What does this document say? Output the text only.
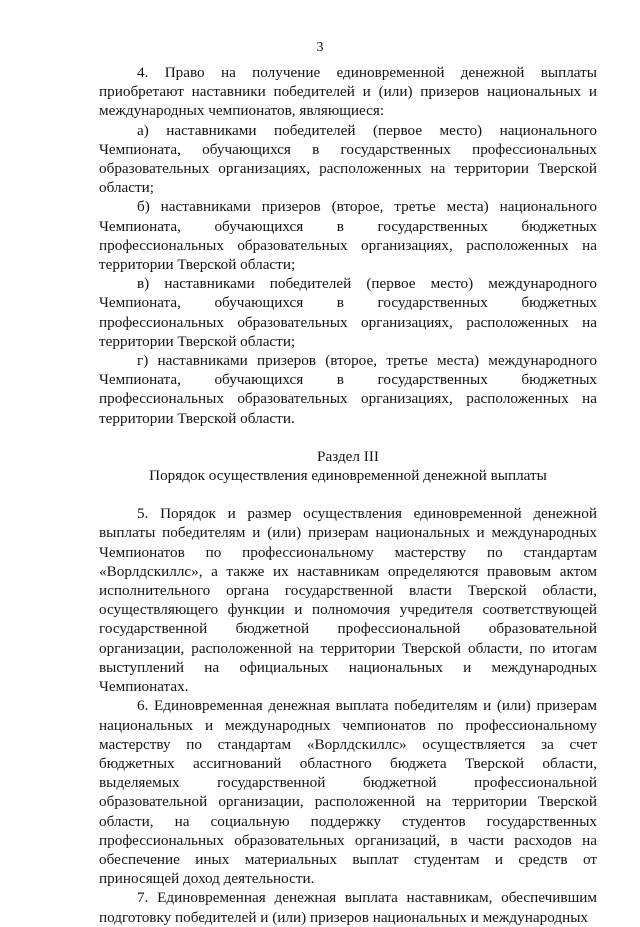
3

4. Право на получение единовременной денежной выплаты приобретают наставники победителей и (или) призеров национальных и международных чемпионатов, являющиеся:

а) наставниками победителей (первое место) национального Чемпионата, обучающихся в государственных профессиональных образовательных организациях, расположенных на территории Тверской области;

б) наставниками призеров (второе, третье места) национального Чемпионата, обучающихся в государственных бюджетных профессиональных образовательных организациях, расположенных на территории Тверской области;

в) наставниками победителей (первое место) международного Чемпионата, обучающихся в государственных бюджетных профессиональных образовательных организациях, расположенных на территории Тверской области;

г) наставниками призеров (второе, третье места) международного Чемпионата, обучающихся в государственных бюджетных профессиональных образовательных организациях, расположенных на территории Тверской области.

Раздел III

Порядок осуществления единовременной денежной выплаты

5. Порядок и размер осуществления единовременной денежной выплаты победителям и (или) призерам национальных и международных Чемпионатов по профессиональному мастерству по стандартам «Ворлдскиллс», а также их наставникам определяются правовым актом исполнительного органа государственной власти Тверской области, осуществляющего функции и полномочия учредителя соответствующей государственной бюджетной профессиональной образовательной организации, расположенной на территории Тверской области, по итогам выступлений на официальных национальных и международных Чемпионатах.

6. Единовременная денежная выплата победителям и (или) призерам национальных и международных чемпионатов по профессиональному мастерству по стандартам «Ворлдскиллс» осуществляется за счет бюджетных ассигнований областного бюджета Тверской области, выделяемых государственной бюджетной профессиональной образовательной организации, расположенной на территории Тверской области, на социальную поддержку студентов государственных профессиональных образовательных организаций, в части расходов на обеспечение иных материальных выплат студентам и средств от приносящей доход деятельности.

7. Единовременная денежная выплата наставникам, обеспечившим подготовку победителей и (или) призеров национальных и международных
